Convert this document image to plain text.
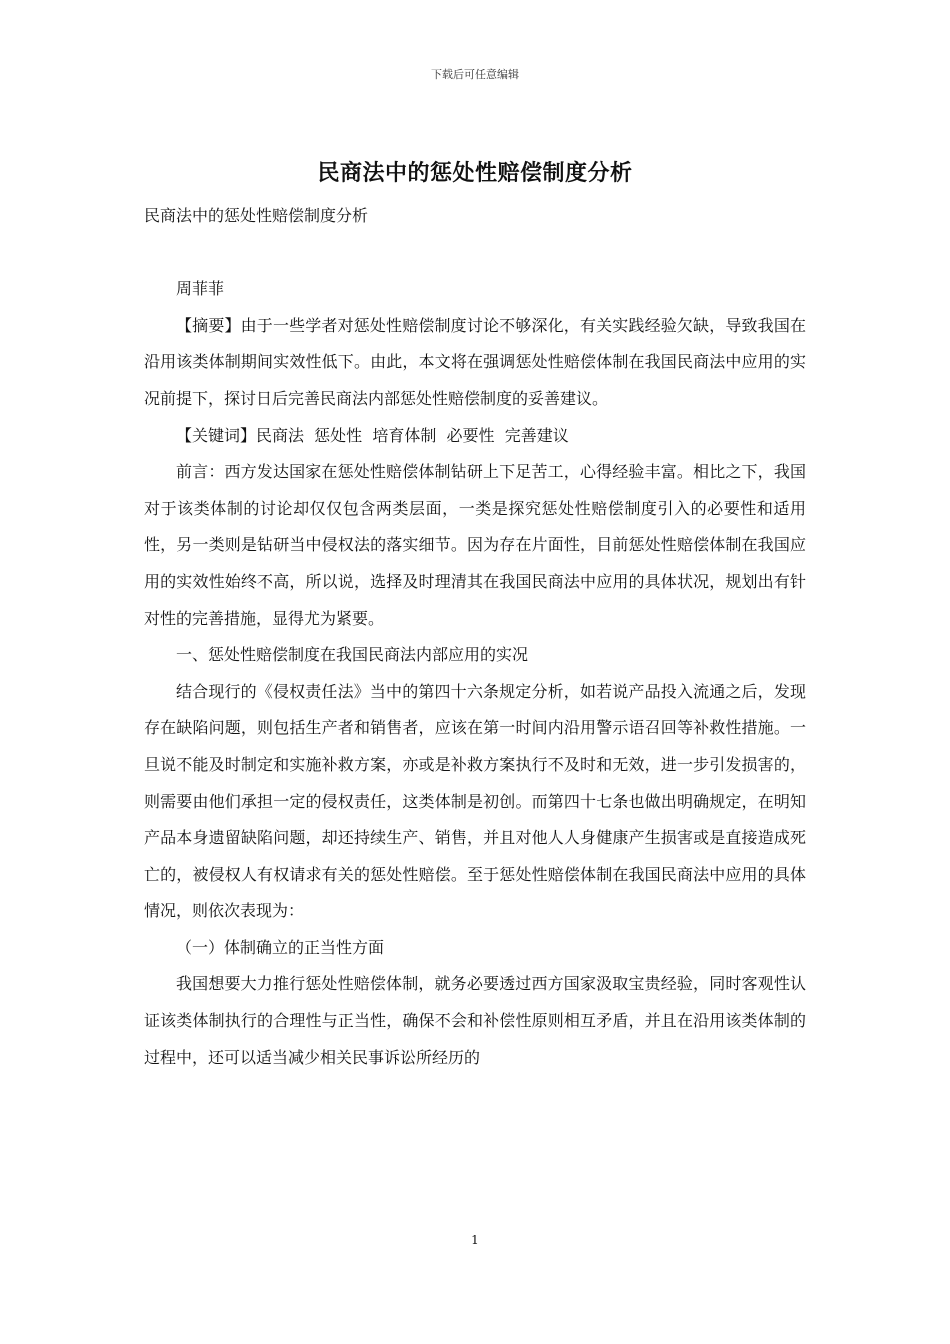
下载后可任意编辑
民商法中的惩处性赔偿制度分析

民商法中的惩处性赔偿制度分析

周菲菲

【摘要】由于一些学者对惩处性赔偿制度讨论不够深化，有关实践经验欠缺，导致我国在沿用该类体制期间实效性低下。由此，本文将在强调惩处性赔偿体制在我国民商法中应用的实况前提下，探讨日后完善民商法内部惩处性赔偿制度的妥善建议。

【关键词】民商法  惩处性  培育体制  必要性  完善建议

前言：西方发达国家在惩处性赔偿体制钻研上下足苦工，心得经验丰富。相比之下，我国对于该类体制的讨论却仅仅包含两类层面，一类是探究惩处性赔偿制度引入的必要性和适用性，另一类则是钻研当中侵权法的落实细节。因为存在片面性，目前惩处性赔偿体制在我国应用的实效性始终不高，所以说，选择及时理清其在我国民商法中应用的具体状况，规划出有针对性的完善措施，显得尤为紧要。

一、惩处性赔偿制度在我国民商法内部应用的实况

结合现行的《侵权责任法》当中的第四十六条规定分析，如若说产品投入流通之后，发现存在缺陷问题，则包括生产者和销售者，应该在第一时间内沿用警示语召回等补救性措施。一旦说不能及时制定和实施补救方案，亦或是补救方案执行不及时和无效，进一步引发损害的，则需要由他们承担一定的侵权责任，这类体制是初创。而第四十七条也做出明确规定，在明知产品本身遗留缺陷问题，却还持续生产、销售，并且对他人人身健康产生损害或是直接造成死亡的，被侵权人有权请求有关的惩处性赔偿。至于惩处性赔偿体制在我国民商法中应用的具体情况，则依次表现为：

（一）体制确立的正当性方面

我国想要大力推行惩处性赔偿体制，就务必要透过西方国家汲取宝贵经验，同时客观性认证该类体制执行的合理性与正当性，确保不会和补偿性原则相互矛盾，并且在沿用该类体制的过程中，还可以适当减少相关民事诉讼所经历的

1
